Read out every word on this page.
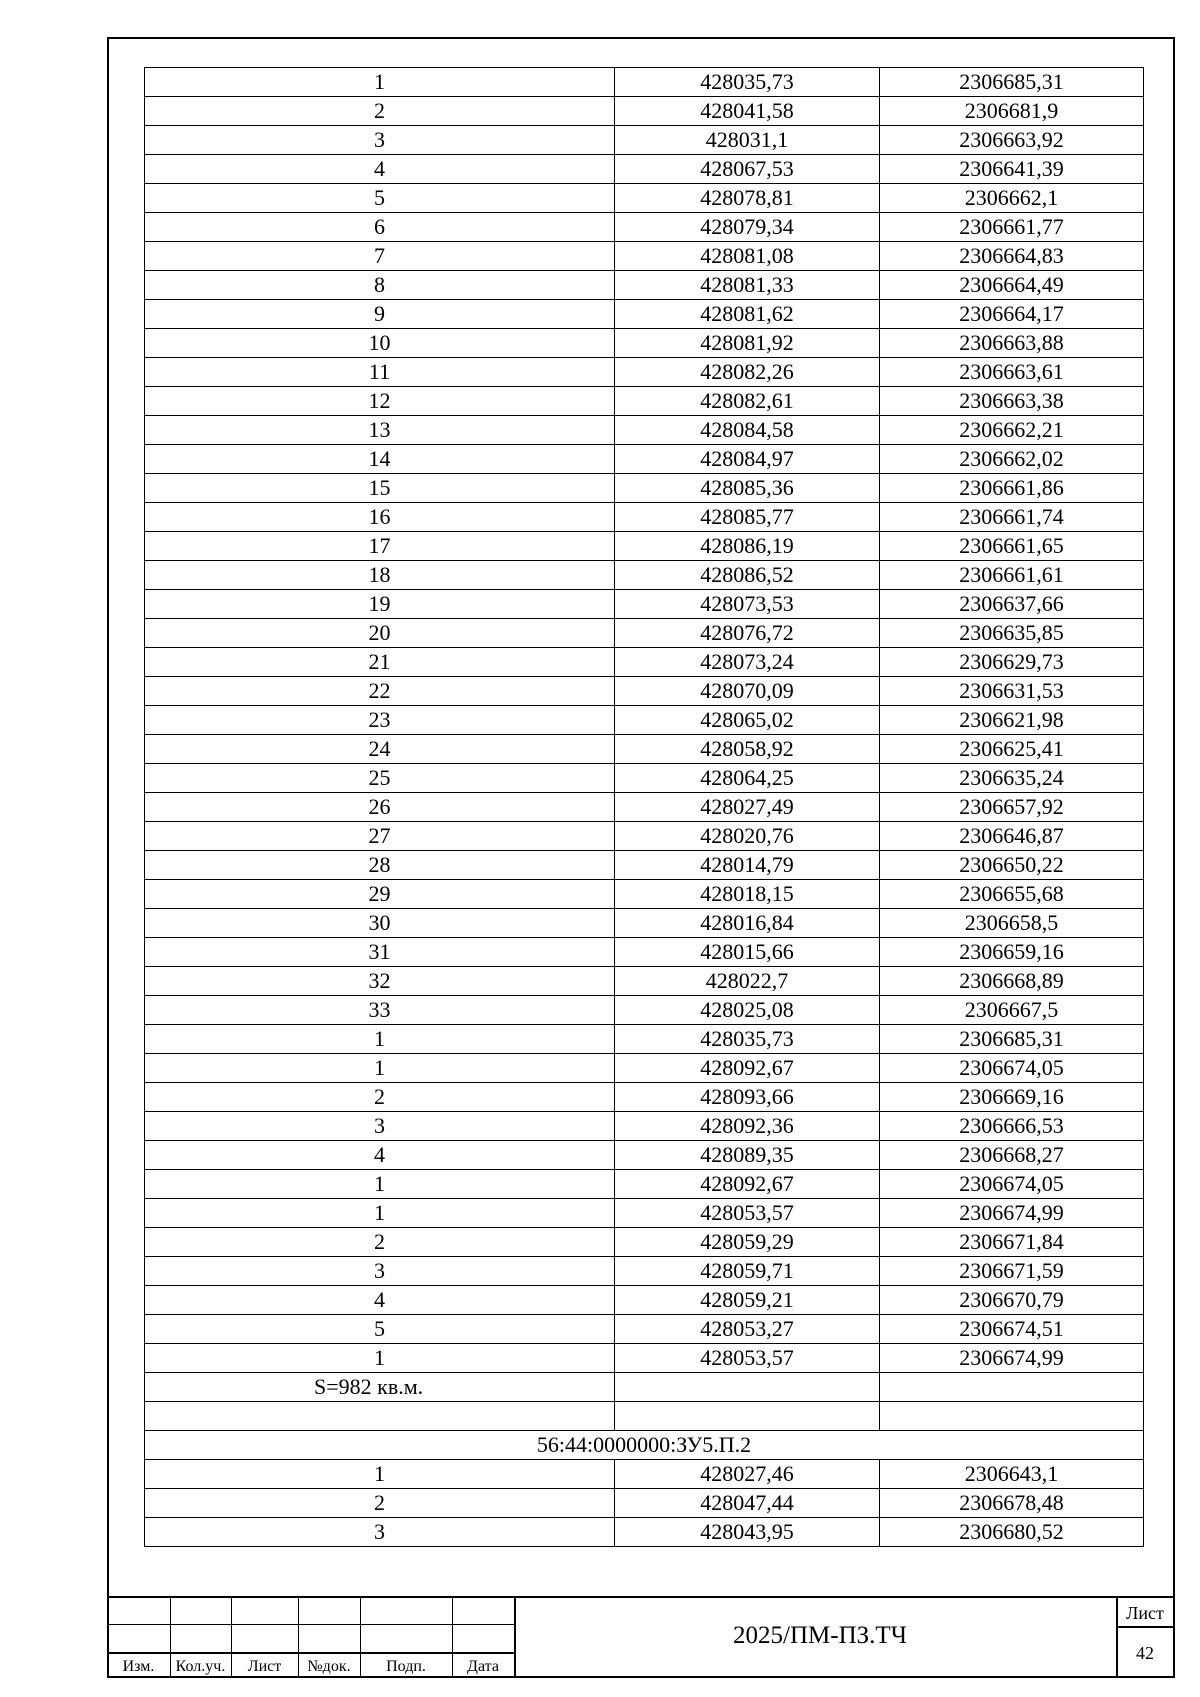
1	428035,73	2306685,31
2	428041,58	2306681,9
3	428031,1	2306663,92
4	428067,53	2306641,39
5	428078,81	2306662,1
6	428079,34	2306661,77
7	428081,08	2306664,83
8	428081,33	2306664,49
9	428081,62	2306664,17
10	428081,92	2306663,88
11	428082,26	2306663,61
12	428082,61	2306663,38
13	428084,58	2306662,21
14	428084,97	2306662,02
15	428085,36	2306661,86
16	428085,77	2306661,74
17	428086,19	2306661,65
18	428086,52	2306661,61
19	428073,53	2306637,66
20	428076,72	2306635,85
21	428073,24	2306629,73
22	428070,09	2306631,53
23	428065,02	2306621,98
24	428058,92	2306625,41
25	428064,25	2306635,24
26	428027,49	2306657,92
27	428020,76	2306646,87
28	428014,79	2306650,22
29	428018,15	2306655,68
30	428016,84	2306658,5
31	428015,66	2306659,16
32	428022,7	2306668,89
33	428025,08	2306667,5
1	428035,73	2306685,31
1	428092,67	2306674,05
2	428093,66	2306669,16
3	428092,36	2306666,53
4	428089,35	2306668,27
1	428092,67	2306674,05
1	428053,57	2306674,99
2	428059,29	2306671,84
3	428059,71	2306671,59
4	428059,21	2306670,79
5	428053,27	2306674,51
1	428053,57	2306674,99
S=982 кв.м.		

56:44:0000000:ЗУ5.П.2		
1	428027,46	2306643,1
2	428047,44	2306678,48
3	428043,95	2306680,52
Изм.	Кол.уч.	Лист	№док.	Подп.	Дата
2025/ПМ-ПЗ.ТЧ
Лист
42
